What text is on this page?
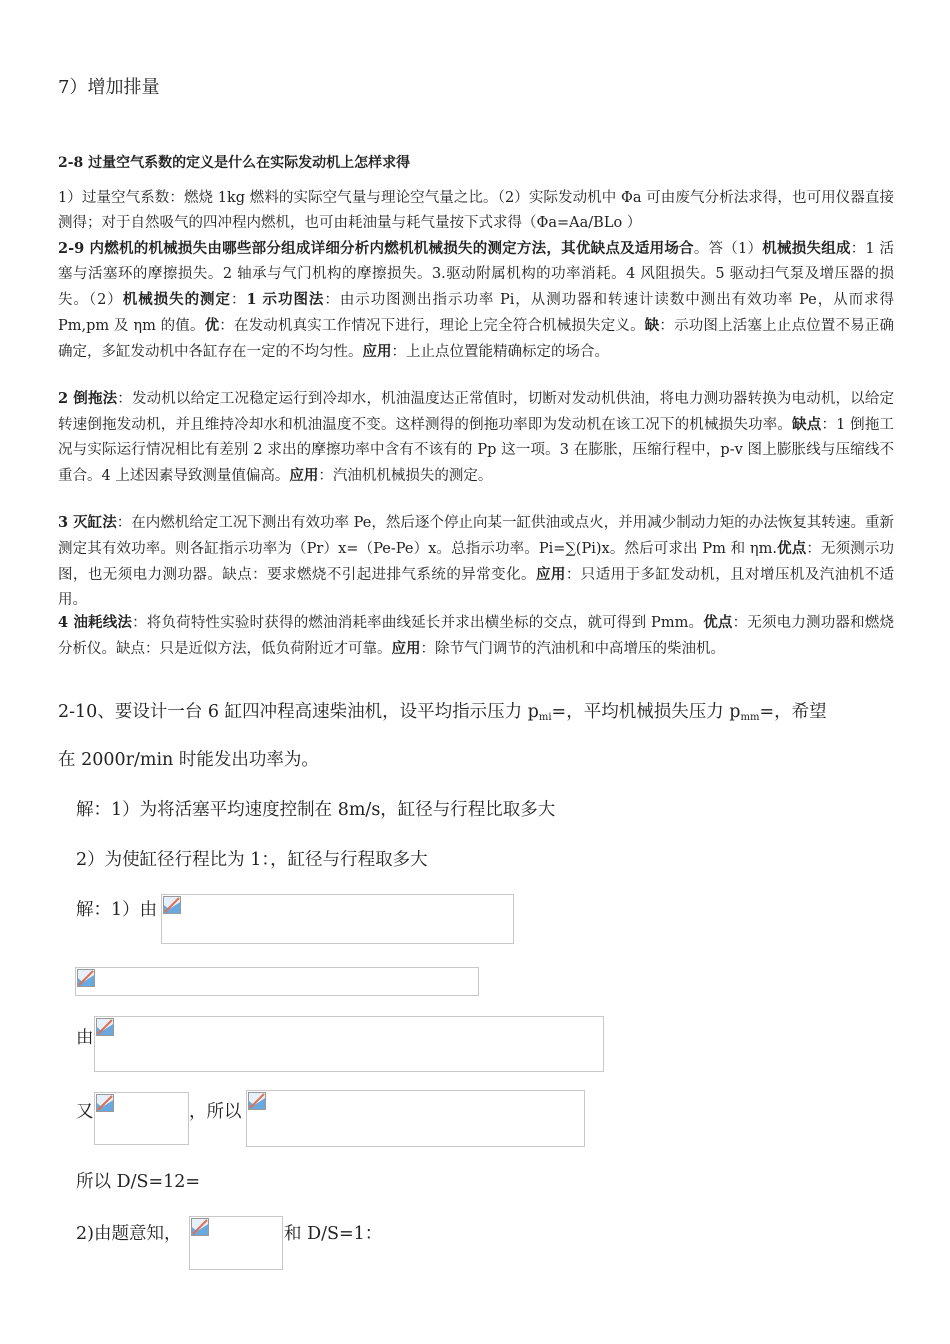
7）增加排量
2-8 过量空气系数的定义是什么在实际发动机上怎样求得
1）过量空气系数：燃烧 1kg 燃料的实际空气量与理论空气量之比。（2）实际发动机中 Φa 可由废气分析法求得，也可用仪器直接测得；对于自然吸气的四冲程内燃机，也可由耗油量与耗气量按下式求得（Φa=Aa/BLo ）
2-9 内燃机的机械损失由哪些部分组成详细分析内燃机机械损失的测定方法，其优缺点及适用场合。答（1）机械损失组成：1 活塞与活塞环的摩擦损失。2 轴承与气门机构的摩擦损失。3.驱动附属机构的功率消耗。4 风阻损失。5 驱动扫气泵及增压器的损失。（2）机械损失的测定：1 示功图法：由示功图测出指示功率 Pi，从测功器和转速计读数中测出有效功率 Pe，从而求得 Pm,pm 及 ηm 的值。优：在发动机真实工作情况下进行，理论上完全符合机械损失定义。缺：示功图上活塞上止点位置不易正确确定，多缸发动机中各缸存在一定的不均匀性。应用：上止点位置能精确标定的场合。
2 倒拖法：发动机以给定工况稳定运行到冷却水，机油温度达正常值时，切断对发动机供油，将电力测功器转换为电动机，以给定转速倒拖发动机，并且维持冷却水和机油温度不变。这样测得的倒拖功率即为发动机在该工况下的机械损失功率。缺点：1 倒拖工况与实际运行情况相比有差别 2 求出的摩擦功率中含有不该有的 Pp 这一项。3 在膨胀，压缩行程中，p-v 图上膨胀线与压缩线不重合。4 上述因素导致测量值偏高。应用：汽油机机械损失的测定。
3 灭缸法：在内燃机给定工况下测出有效功率 Pe，然后逐个停止向某一缸供油或点火，并用减少制动力矩的办法恢复其转速。重新测定其有效功率。则各缸指示功率为（Pr）x=（Pe-Pe）x。总指示功率。Pi=∑(Pi)x。然后可求出 Pm 和 ηm.优点：无须测示功图，也无须电力测功器。缺点：要求燃烧不引起进排气系统的异常变化。应用：只适用于多缸发动机，且对增压机及汽油机不适用。
4 油耗线法：将负荷特性实验时获得的燃油消耗率曲线延长并求出横坐标的交点，就可得到 Pmm。优点：无须电力测功器和燃烧分析仪。缺点：只是近似方法，低负荷附近才可靠。应用：除节气门调节的汽油机和中高增压的柴油机。
2-10、要设计一台 6 缸四冲程高速柴油机，设平均指示压力 $p_{mi}=$，平均机械损失压力 $p_{mm}=$，希望
在 2000r/min 时能发出功率为。
解：1）为将活塞平均速度控制在 8m/s，缸径与行程比取多大
2）为使缸径行程比为 1：，缸径与行程取多大
解：1）由
由
又	，所以
所以 D/S=12=
2)由题意知，	和 D/S=1：
